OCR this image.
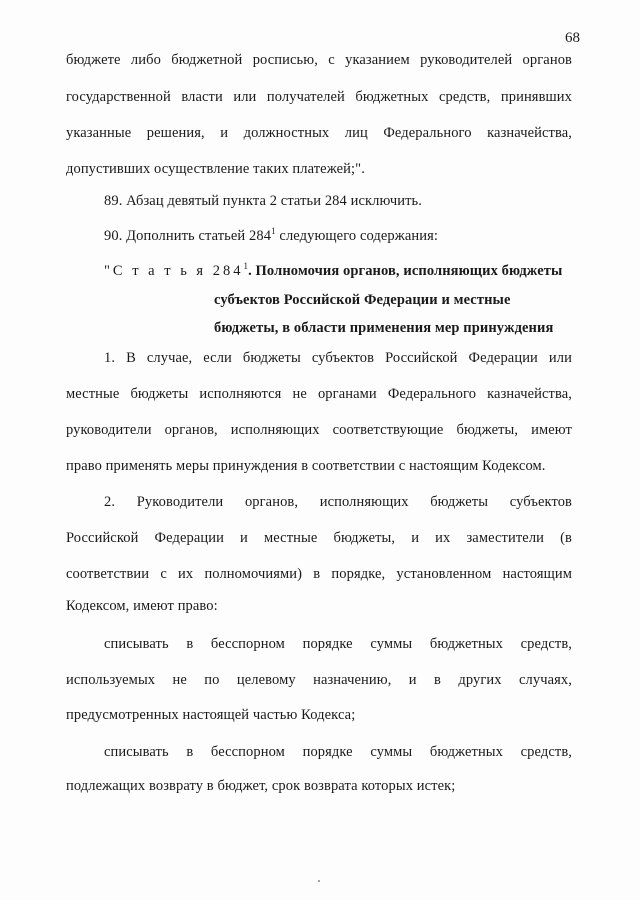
68
бюджете либо бюджетной росписью, с указанием руководителей органов
государственной власти или получателей бюджетных средств, принявших
указанные решения, и должностных лиц Федерального казначейства,
допустивших осуществление таких платежей;".
89. Абзац девятый пункта 2 статьи 284 исключить.
90. Дополнить статьей $284^1$ следующего содержания:
"С т а т ь я $284^1$. Полномочия органов, исполняющих бюджеты
субъектов Российской Федерации и местные
бюджеты, в области применения мер принуждения
1. В случае, если бюджеты субъектов Российской Федерации или
местные бюджеты исполняются не органами Федерального казначейства,
руководители органов, исполняющих соответствующие бюджеты, имеют
право применять меры принуждения в соответствии с настоящим Кодексом.
2. Руководители органов, исполняющих бюджеты субъектов
Российской Федерации и местные бюджеты, и их заместители (в
соответствии с их полномочиями) в порядке, установленном настоящим
Кодексом, имеют право:
списывать в бесспорном порядке суммы бюджетных средств,
используемых не по целевому назначению, и в других случаях,
предусмотренных настоящей частью Кодекса;
списывать в бесспорном порядке суммы бюджетных средств,
подлежащих возврату в бюджет, срок возврата которых истек;
